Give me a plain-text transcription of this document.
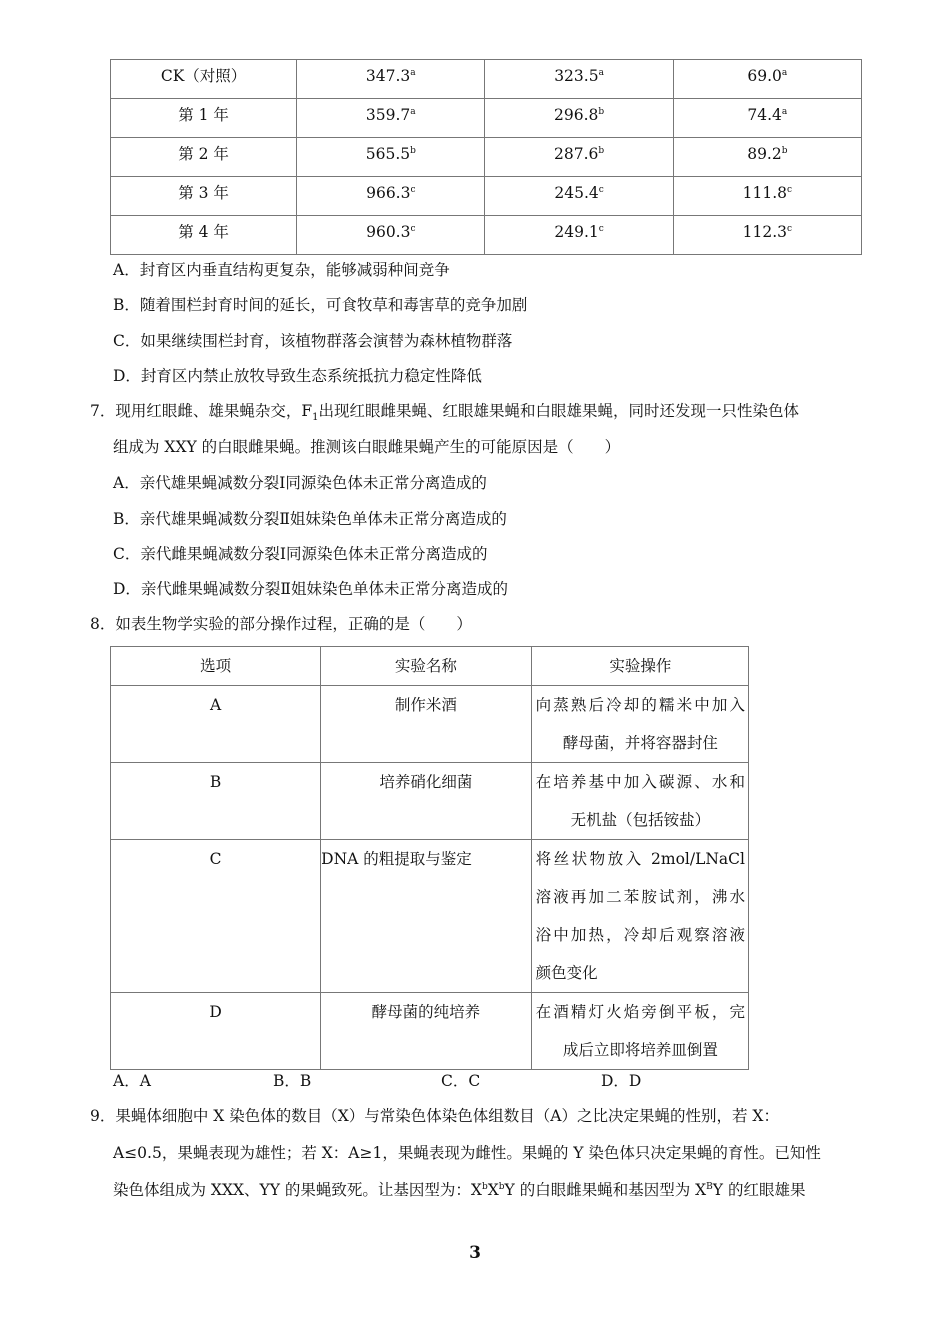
CK（对照）	347.3$^a$	323.5$^a$	69.0$^a$
第 1 年	359.7$^a$	296.8$^b$	74.4$^a$
第 2 年	565.5$^b$	287.6$^b$	89.2$^b$
第 3 年	966.3$^c$	245.4$^c$	111.8$^c$
第 4 年	960.3$^c$	249.1$^c$	112.3$^c$
A．封育区内垂直结构更复杂，能够减弱种间竞争
B．随着围栏封育时间的延长，可食牧草和毒害草的竞争加剧
C．如果继续围栏封育，该植物群落会演替为森林植物群落
D．封育区内禁止放牧导致生态系统抵抗力稳定性降低
7．现用红眼雌、雄果蝇杂交，$F_1$出现红眼雌果蝇、红眼雄果蝇和白眼雄果蝇，同时还发现一只性染色体
组成为 XXY 的白眼雌果蝇。推测该白眼雌果蝇产生的可能原因是（　　）
A．亲代雄果蝇减数分裂Ⅰ同源染色体未正常分离造成的
B．亲代雄果蝇减数分裂Ⅱ姐妹染色单体未正常分离造成的
C．亲代雌果蝇减数分裂Ⅰ同源染色体未正常分离造成的
D．亲代雌果蝇减数分裂Ⅱ姐妹染色单体未正常分离造成的
8．如表生物学实验的部分操作过程，正确的是（　　）
选项	实验名称	实验操作
A	制作米酒	向蒸熟后冷却的糯米中加入
酵母菌，并将容器封住

B	培养硝化细菌	在培养基中加入碳源、水和
无机盐（包括铵盐）

C	DNA 的粗提取与鉴定	将丝状物放入 2mol/LNaCl
溶液再加二苯胺试剂，沸水
浴中加热，冷却后观察溶液
颜色变化

D	酵母菌的纯培养	在酒精灯火焰旁倒平板，完
成后立即将培养皿倒置
A．A	B．B	C．C	D．D
9．果蝇体细胞中 X 染色体的数目（X）与常染色体染色体组数目（A）之比决定果蝇的性别，若 X：
A≤0.5，果蝇表现为雄性；若 X：A≥1，果蝇表现为雌性。果蝇的 Y 染色体只决定果蝇的育性。已知性
染色体组成为 XXX、YY 的果蝇致死。让基因型为：$X^bX^bY$ 的白眼雌果蝇和基因型为 $X^BY$ 的红眼雄果
3
